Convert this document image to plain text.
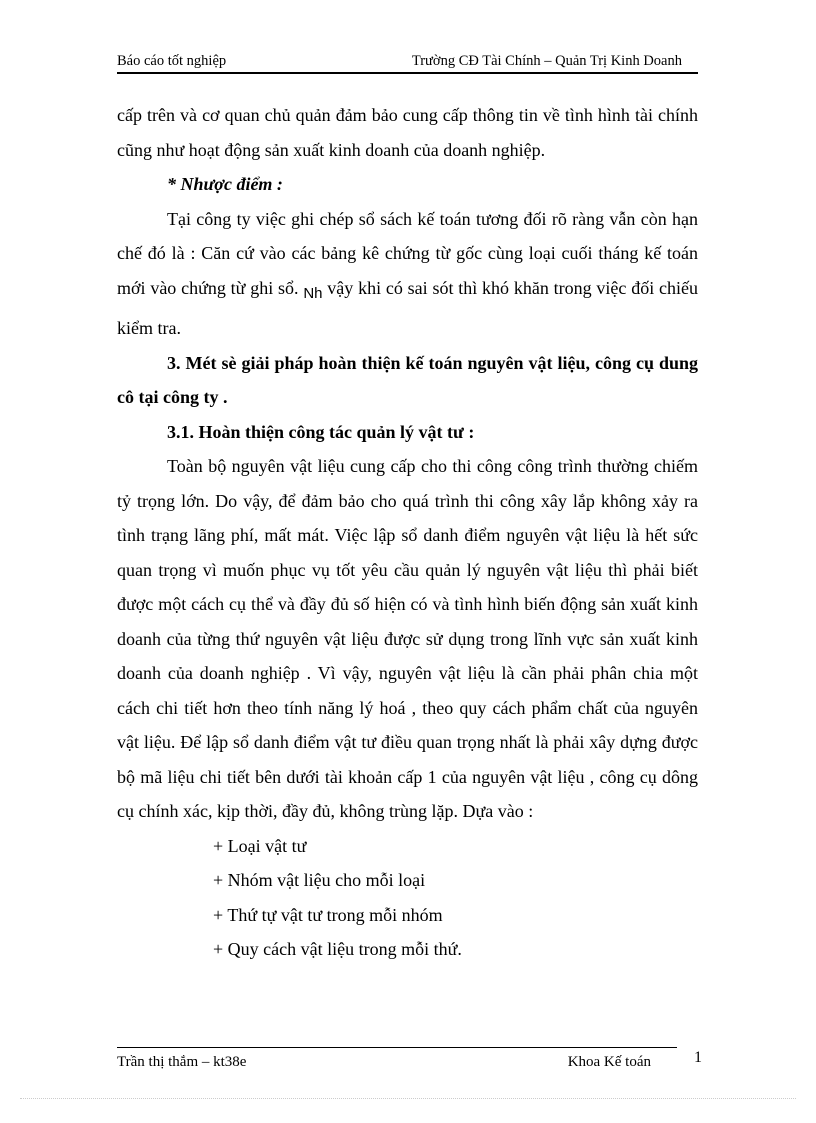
Báo cáo tốt nghiệp	Trường CĐ Tài Chính – Quản Trị Kinh Doanh

cấp trên và cơ quan chủ quản đảm bảo cung cấp thông tin về tình hình tài chính cũng như hoạt động sản xuất kinh doanh của doanh nghiệp.

* Nhược điểm :

Tại công ty việc ghi chép sổ sách kế toán tương đối rõ ràng vẫn còn hạn chế đó là : Căn cứ vào các bảng kê chứng từ gốc cùng loại cuối tháng kế toán mới vào chứng từ ghi sổ. $_{Nh}$ vậy khi có sai sót thì khó khăn trong việc đối chiếu kiểm tra.

3. Mét sè giải pháp hoàn thiện kế toán nguyên vật liệu, công cụ dung cô tại công ty .

3.1. Hoàn thiện công tác quản lý vật tư :

Toàn bộ nguyên vật liệu cung cấp cho thi công công trình thường chiếm tỷ trọng lớn. Do vậy, để đảm bảo cho quá trình thi công xây lắp không xảy ra tình trạng lãng phí, mất mát. Việc lập sổ danh điểm nguyên vật liệu là hết sức quan trọng vì muốn phục vụ tốt yêu cầu quản lý nguyên vật liệu thì phải biết được một cách cụ thể và đầy đủ số hiện có và tình hình biến động sản xuất kinh doanh của từng thứ nguyên vật liệu được sử dụng trong lĩnh vực sản xuất kinh doanh của doanh nghiệp . Vì vậy, nguyên vật liệu là cần phải phân chia một cách chi tiết hơn theo tính năng lý hoá , theo quy cách phẩm chất của nguyên vật liệu. Để lập sổ danh điểm vật tư điều quan trọng nhất là phải xây dựng được bộ mã liệu chi tiết bên dưới tài khoản cấp 1 của nguyên vật liệu , công cụ dông cụ chính xác, kịp thời, đầy đủ, không trùng lặp. Dựa vào :

+ Loại vật tư

+ Nhóm vật liệu cho mỗi loại

+ Thứ tự vật tư trong mỗi nhóm

+ Quy cách vật liệu trong mỗi thứ.

Trần thị thắm – kt38e	Khoa Kế toán	1
